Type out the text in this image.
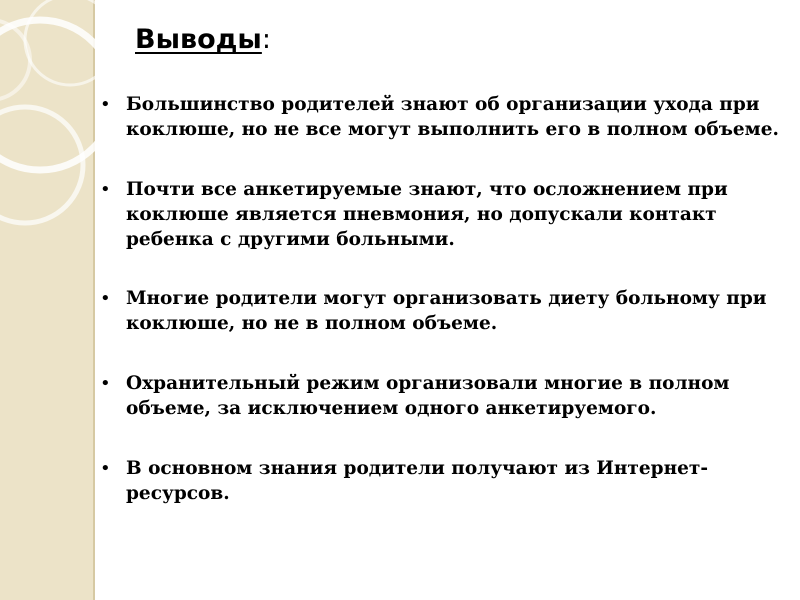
Выводы:
• Большинство родителей знают об организации ухода при коклюше, но не все могут выполнить его в полном объеме.
• Почти все анкетируемые знают, что осложнением при коклюше является пневмония, но допускали контакт ребенка с другими больными.
• Многие родители могут организовать диету больному при коклюше, но не в полном объеме.
• Охранительный режим организовали многие в полном объеме, за исключением одного анкетируемого.
• В основном знания родители получают из Интернет-ресурсов.
